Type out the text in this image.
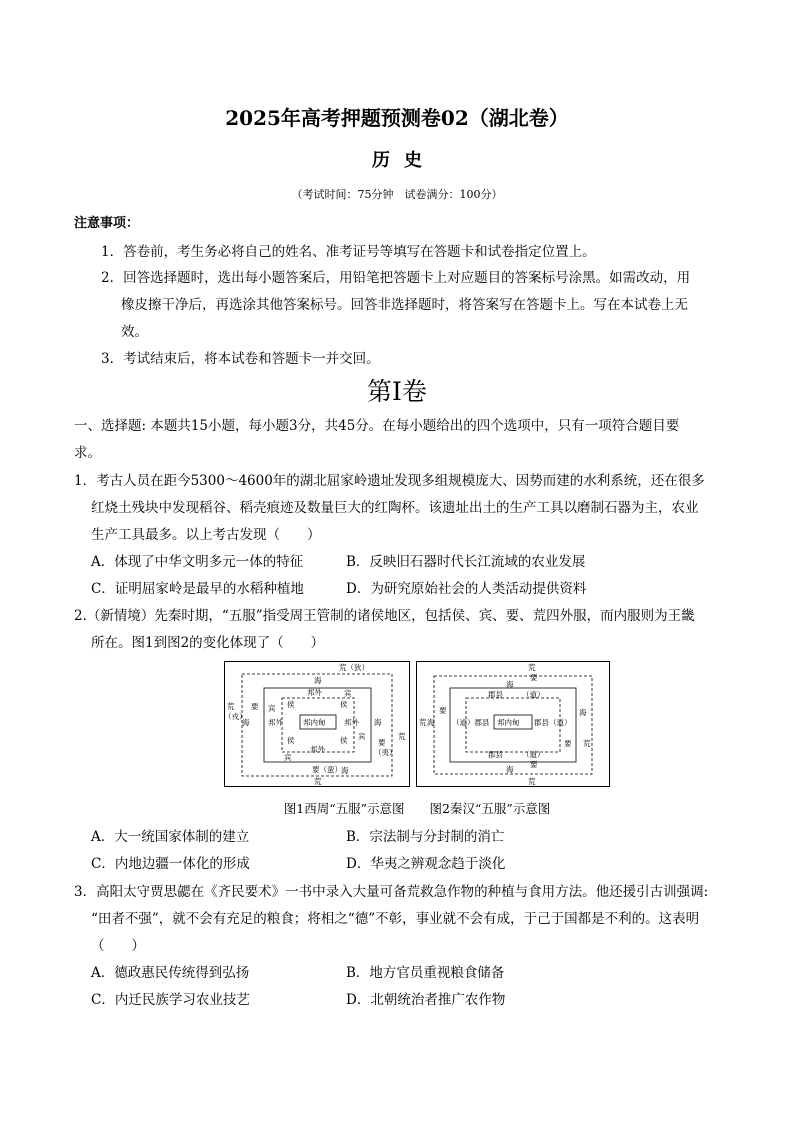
2025年高考押题预测卷02（湖北卷）
历史
（考试时间：75分钟　试卷满分：100分）
注意事项：
1．答卷前，考生务必将自己的姓名、准考证号等填写在答题卡和试卷指定位置上。
2．回答选择题时，选出每小题答案后，用铅笔把答题卡上对应题目的答案标号涂黑。如需改动，用
橡皮擦干净后，再选涂其他答案标号。回答非选择题时，将答案写在答题卡上。写在本试卷上无
效。
3．考试结束后，将本试卷和答题卡一并交回。
第Ⅰ卷
一、选择题: 本题共15小题，每小题3分，共45分。在每小题给出的四个选项中，只有一项符合题目要
求。
1．考古人员在距今5300～4600年的湖北屈家岭遗址发现多组规模庞大、因势而建的水利系统，还在很多
红烧土残块中发现稻谷、稻壳痕迹及数量巨大的红陶杯。该遗址出土的生产工具以磨制石器为主，农业
生产工具最多。以上考古发现（　　）
A．体现了中华文明多元一体的特征	B．反映旧石器时代长江流域的农业发展
C．证明屈家岭是最早的水稻种植地	D．为研究原始社会的人类活动提供资料
2.（新情境）先秦时期，“五服”指受周王管制的诸侯地区，包括侯、宾、要、荒四外服，而内服则为王畿
所在。图1到图2的变化体现了（　　）
荒（狄）
海
宾
邦外
侯	侯
荒
（戎）
要
海
宾
邦外	邦内甸 邦外
宾
海
荒
要
（夷）
侯	侯
邦外
宾
要（蛮） 海
荒
荒
要
海
郡县	（道）
荒 海
要
（道）郡县 邦内甸 郡县（道）
海
要 荒
郡县	（道）
要
海
荒
图1西周“五服”示意图　　图2秦汉“五服”示意图
A．大一统国家体制的建立	B．宗法制与分封制的消亡
C．内地边疆一体化的形成	D．华夷之辨观念趋于淡化
3．高阳太守贾思勰在《齐民要术》一书中录入大量可备荒救急作物的种植与食用方法。他还援引古训强调:
“田者不强”，就不会有充足的粮食；将相之“德”不彰，事业就不会有成，于己于国都是不利的。这表明
（　　）
A．德政惠民传统得到弘扬	B．地方官员重视粮食储备
C．内迁民族学习农业技艺	D．北朝统治者推广农作物
